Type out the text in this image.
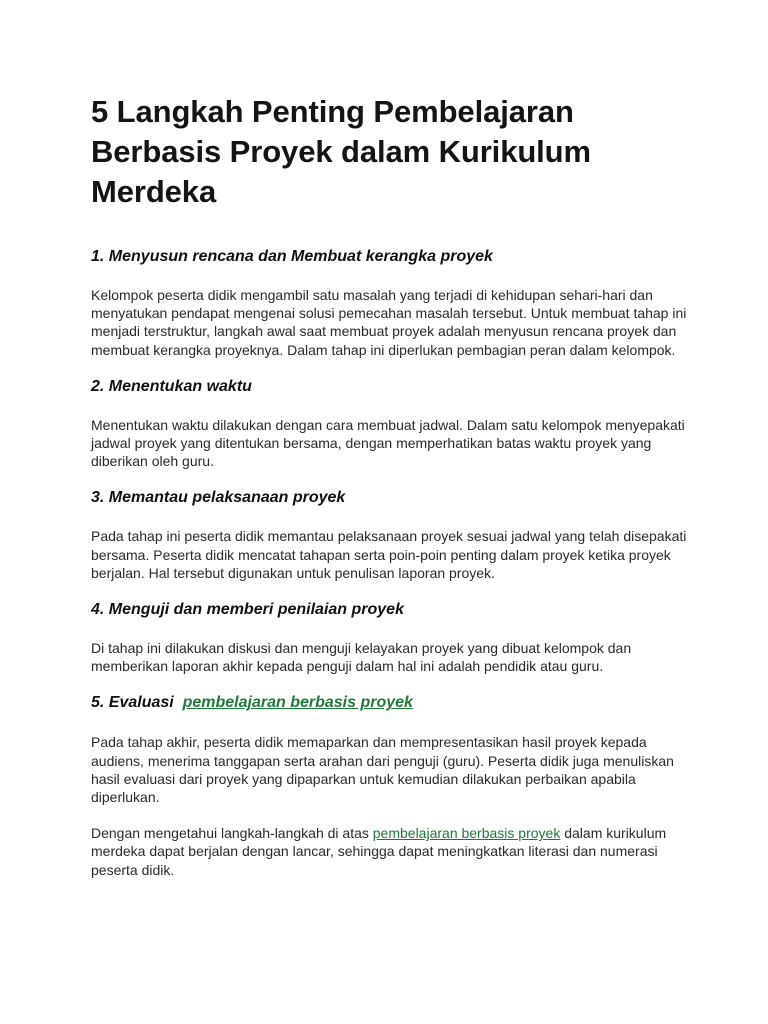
5 Langkah Penting Pembelajaran Berbasis Proyek dalam Kurikulum Merdeka
1. Menyusun rencana dan Membuat kerangka proyek

Kelompok peserta didik mengambil satu masalah yang terjadi di kehidupan sehari-hari dan menyatukan pendapat mengenai solusi pemecahan masalah tersebut. Untuk membuat tahap ini menjadi terstruktur, langkah awal saat membuat proyek adalah menyusun rencana proyek dan membuat kerangka proyeknya. Dalam tahap ini diperlukan pembagian peran dalam kelompok.

2. Menentukan waktu

Menentukan waktu dilakukan dengan cara membuat jadwal. Dalam satu kelompok menyepakati jadwal proyek yang ditentukan bersama, dengan memperhatikan batas waktu proyek yang diberikan oleh guru.

3. Memantau pelaksanaan proyek

Pada tahap ini peserta didik memantau pelaksanaan proyek sesuai jadwal yang telah disepakati bersama. Peserta didik mencatat tahapan serta poin-poin penting dalam proyek ketika proyek berjalan. Hal tersebut digunakan untuk penulisan laporan proyek.

4. Menguji dan memberi penilaian proyek

Di tahap ini dilakukan diskusi dan menguji kelayakan proyek yang dibuat kelompok dan memberikan laporan akhir kepada penguji dalam hal ini adalah pendidik atau guru.

5. Evaluasi pembelajaran berbasis proyek

Pada tahap akhir, peserta didik memaparkan dan mempresentasikan hasil proyek kepada audiens, menerima tanggapan serta arahan dari penguji (guru). Peserta didik juga menuliskan hasil evaluasi dari proyek yang dipaparkan untuk kemudian dilakukan perbaikan apabila diperlukan.

Dengan mengetahui langkah-langkah di atas pembelajaran berbasis proyek dalam kurikulum merdeka dapat berjalan dengan lancar, sehingga dapat meningkatkan literasi dan numerasi peserta didik.
